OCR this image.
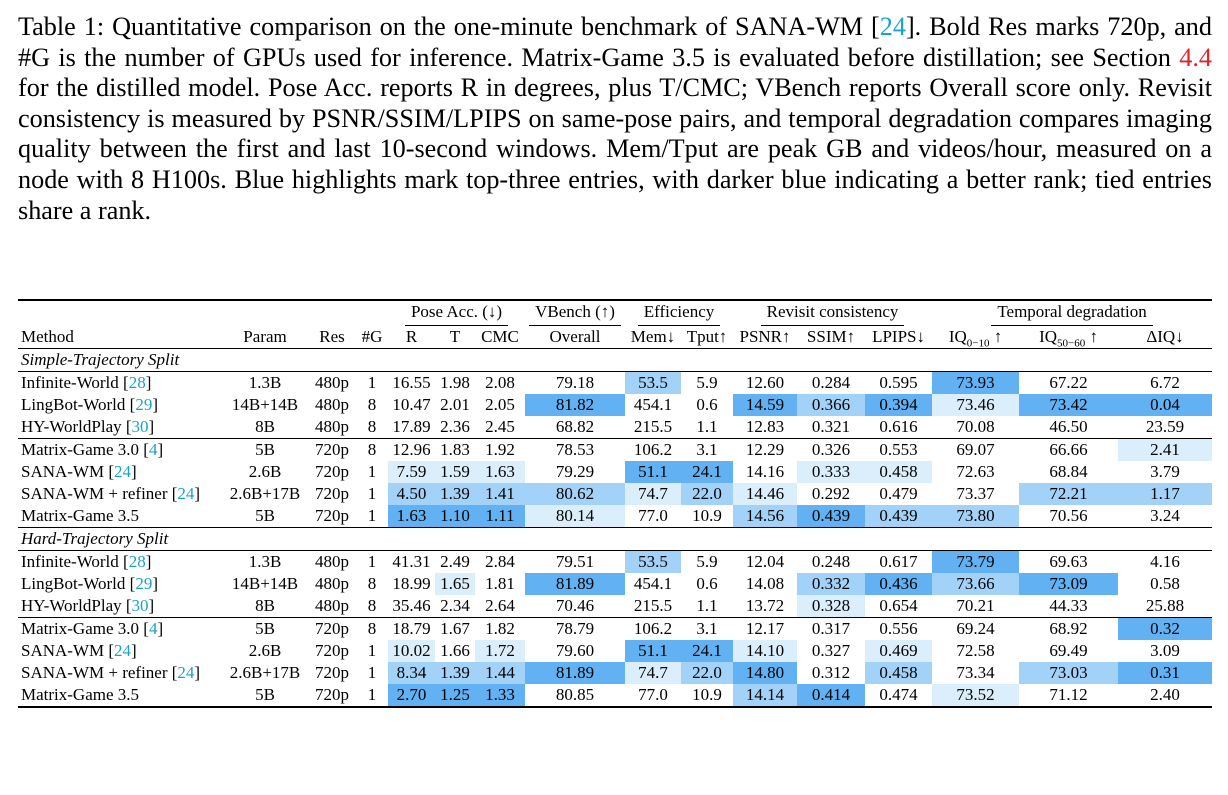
Table 1: Quantitative comparison on the one-minute benchmark of SANA-WM [24]. Bold Res marks 720p, and #G is the number of GPUs used for inference. Matrix-Game 3.5 is evaluated before distillation; see Section 4.4 for the distilled model. Pose Acc. reports R in degrees, plus T/CMC; VBench reports Overall score only. Revisit consistency is measured by PSNR/SSIM/LPIPS on same-pose pairs, and temporal degradation compares imaging quality between the first and last 10-second windows. Mem/Tput are peak GB and videos/hour, measured on a node with 8 H100s. Blue highlights mark top-three entries, with darker blue indicating a better rank; tied entries share a rank.
				Pose Acc. (↓)			VBench (↑)	Efficiency		Revisit consistency			Temporal degradation		
Method	Param	Res	#G	R	T	CMC	Overall	Mem↓	Tput↑	PSNR↑	SSIM↑	LPIPS↓	$IQ_{0-10}$ ↑	$IQ_{50-60}$ ↑	ΔIQ↓
Simple-Trajectory Split															
Infinite-World [28]	1.3B	480p	1	16.55	1.98	2.08	79.18	53.5	5.9	12.60	0.284	0.595	73.93	67.22	6.72
LingBot-World [29]	14B+14B	480p	8	10.47	2.01	2.05	81.82	454.1	0.6	14.59	0.366	0.394	73.46	73.42	0.04
HY-WorldPlay [30]	8B	480p	8	17.89	2.36	2.45	68.82	215.5	1.1	12.83	0.321	0.616	70.08	46.50	23.59
Matrix-Game 3.0 [4]	5B	720p	8	12.96	1.83	1.92	78.53	106.2	3.1	12.29	0.326	0.553	69.07	66.66	2.41
SANA-WM [24]	2.6B	720p	1	7.59	1.59	1.63	79.29	51.1	24.1	14.16	0.333	0.458	72.63	68.84	3.79
SANA-WM + refiner [24]	2.6B+17B	720p	1	4.50	1.39	1.41	80.62	74.7	22.0	14.46	0.292	0.479	73.37	72.21	1.17
Matrix-Game 3.5	5B	720p	1	1.63	1.10	1.11	80.14	77.0	10.9	14.56	0.439	0.439	73.80	70.56	3.24
Hard-Trajectory Split															
Infinite-World [28]	1.3B	480p	1	41.31	2.49	2.84	79.51	53.5	5.9	12.04	0.248	0.617	73.79	69.63	4.16
LingBot-World [29]	14B+14B	480p	8	18.99	1.65	1.81	81.89	454.1	0.6	14.08	0.332	0.436	73.66	73.09	0.58
HY-WorldPlay [30]	8B	480p	8	35.46	2.34	2.64	70.46	215.5	1.1	13.72	0.328	0.654	70.21	44.33	25.88
Matrix-Game 3.0 [4]	5B	720p	8	18.79	1.67	1.82	78.79	106.2	3.1	12.17	0.317	0.556	69.24	68.92	0.32
SANA-WM [24]	2.6B	720p	1	10.02	1.66	1.72	79.60	51.1	24.1	14.10	0.327	0.469	72.58	69.49	3.09
SANA-WM + refiner [24]	2.6B+17B	720p	1	8.34	1.39	1.44	81.89	74.7	22.0	14.80	0.312	0.458	73.34	73.03	0.31
Matrix-Game 3.5	5B	720p	1	2.70	1.25	1.33	80.85	77.0	10.9	14.14	0.414	0.474	73.52	71.12	2.40
